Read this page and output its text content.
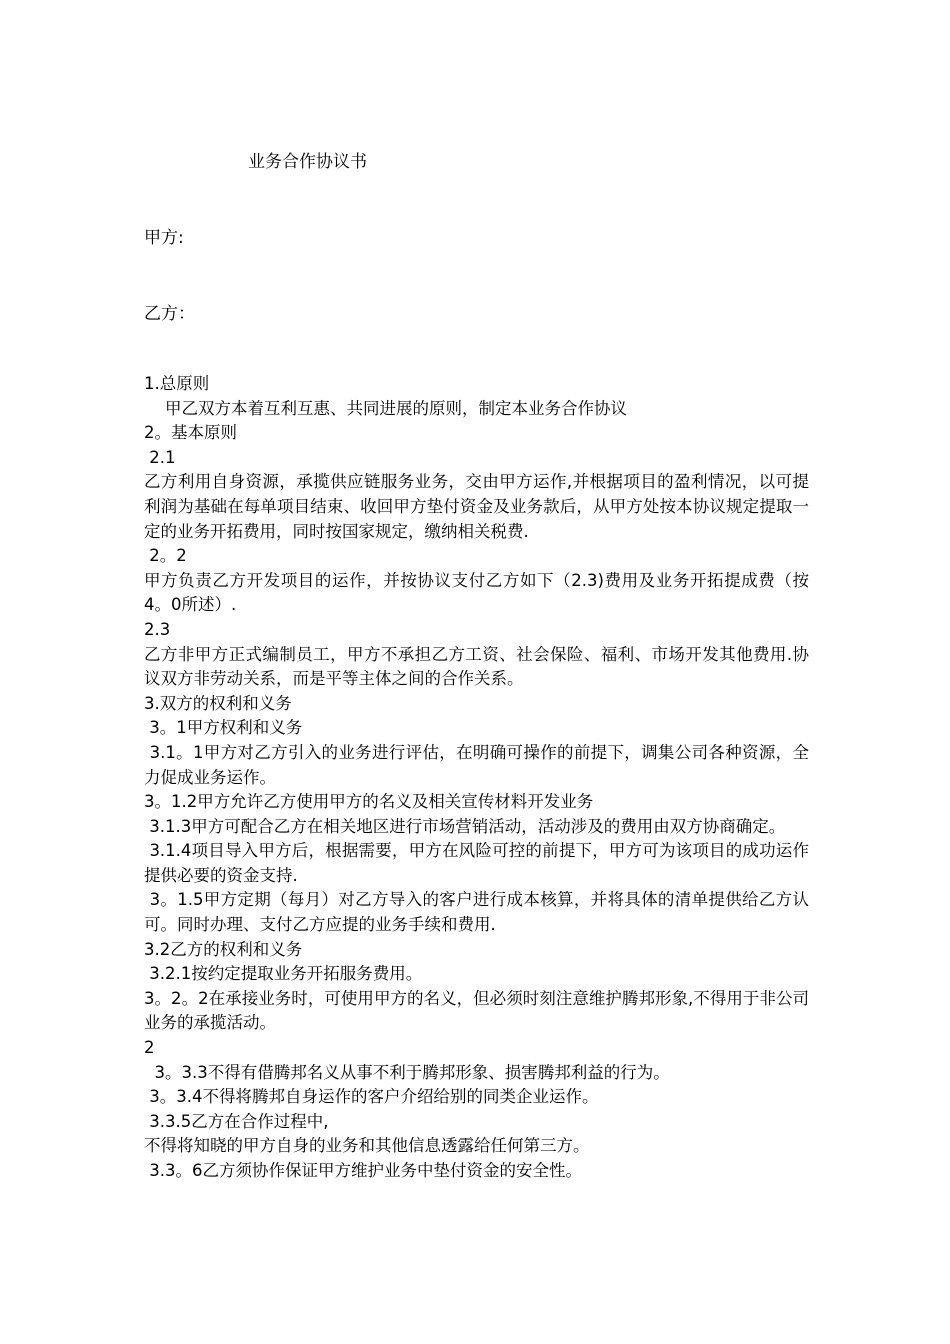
业务合作协议书
甲方:
乙方：
1.总原则
甲乙双方本着互利互惠、共同进展的原则，制定本业务合作协议
2。基本原则
2.1
乙方利用自身资源，承揽供应链服务业务，交由甲方运作,并根据项目的盈利情况，以可提利润为基础在每单项目结束、收回甲方垫付资金及业务款后，从甲方处按本协议规定提取一定的业务开拓费用，同时按国家规定，缴纳相关税费.
2。2
甲方负责乙方开发项目的运作，并按协议支付乙方如下（2.3)费用及业务开拓提成费（按4。0所述）.
2.3
乙方非甲方正式编制员工，甲方不承担乙方工资、社会保险、福利、市场开发其他费用.协议双方非劳动关系，而是平等主体之间的合作关系。
3.双方的权利和义务
3。1甲方权利和义务
3.1。1甲方对乙方引入的业务进行评估，在明确可操作的前提下，调集公司各种资源，全力促成业务运作。
3。1.2甲方允许乙方使用甲方的名义及相关宣传材料开发业务
3.1.3甲方可配合乙方在相关地区进行市场营销活动，活动涉及的费用由双方协商确定。
3.1.4项目导入甲方后，根据需要，甲方在风险可控的前提下，甲方可为该项目的成功运作提供必要的资金支持.
3。1.5甲方定期（每月）对乙方导入的客户进行成本核算，并将具体的清单提供给乙方认可。同时办理、支付乙方应提的业务手续和费用.
3.2乙方的权利和义务
3.2.1按约定提取业务开拓服务费用。
3。2。2在承接业务时，可使用甲方的名义，但必须时刻注意维护腾邦形象,不得用于非公司业务的承揽活动。
2
3。3.3不得有借腾邦名义从事不利于腾邦形象、损害腾邦利益的行为。
3。3.4不得将腾邦自身运作的客户介绍给别的同类企业运作。
3.3.5乙方在合作过程中,
不得将知晓的甲方自身的业务和其他信息透露给任何第三方。
3.3。6乙方须协作保证甲方维护业务中垫付资金的安全性。
